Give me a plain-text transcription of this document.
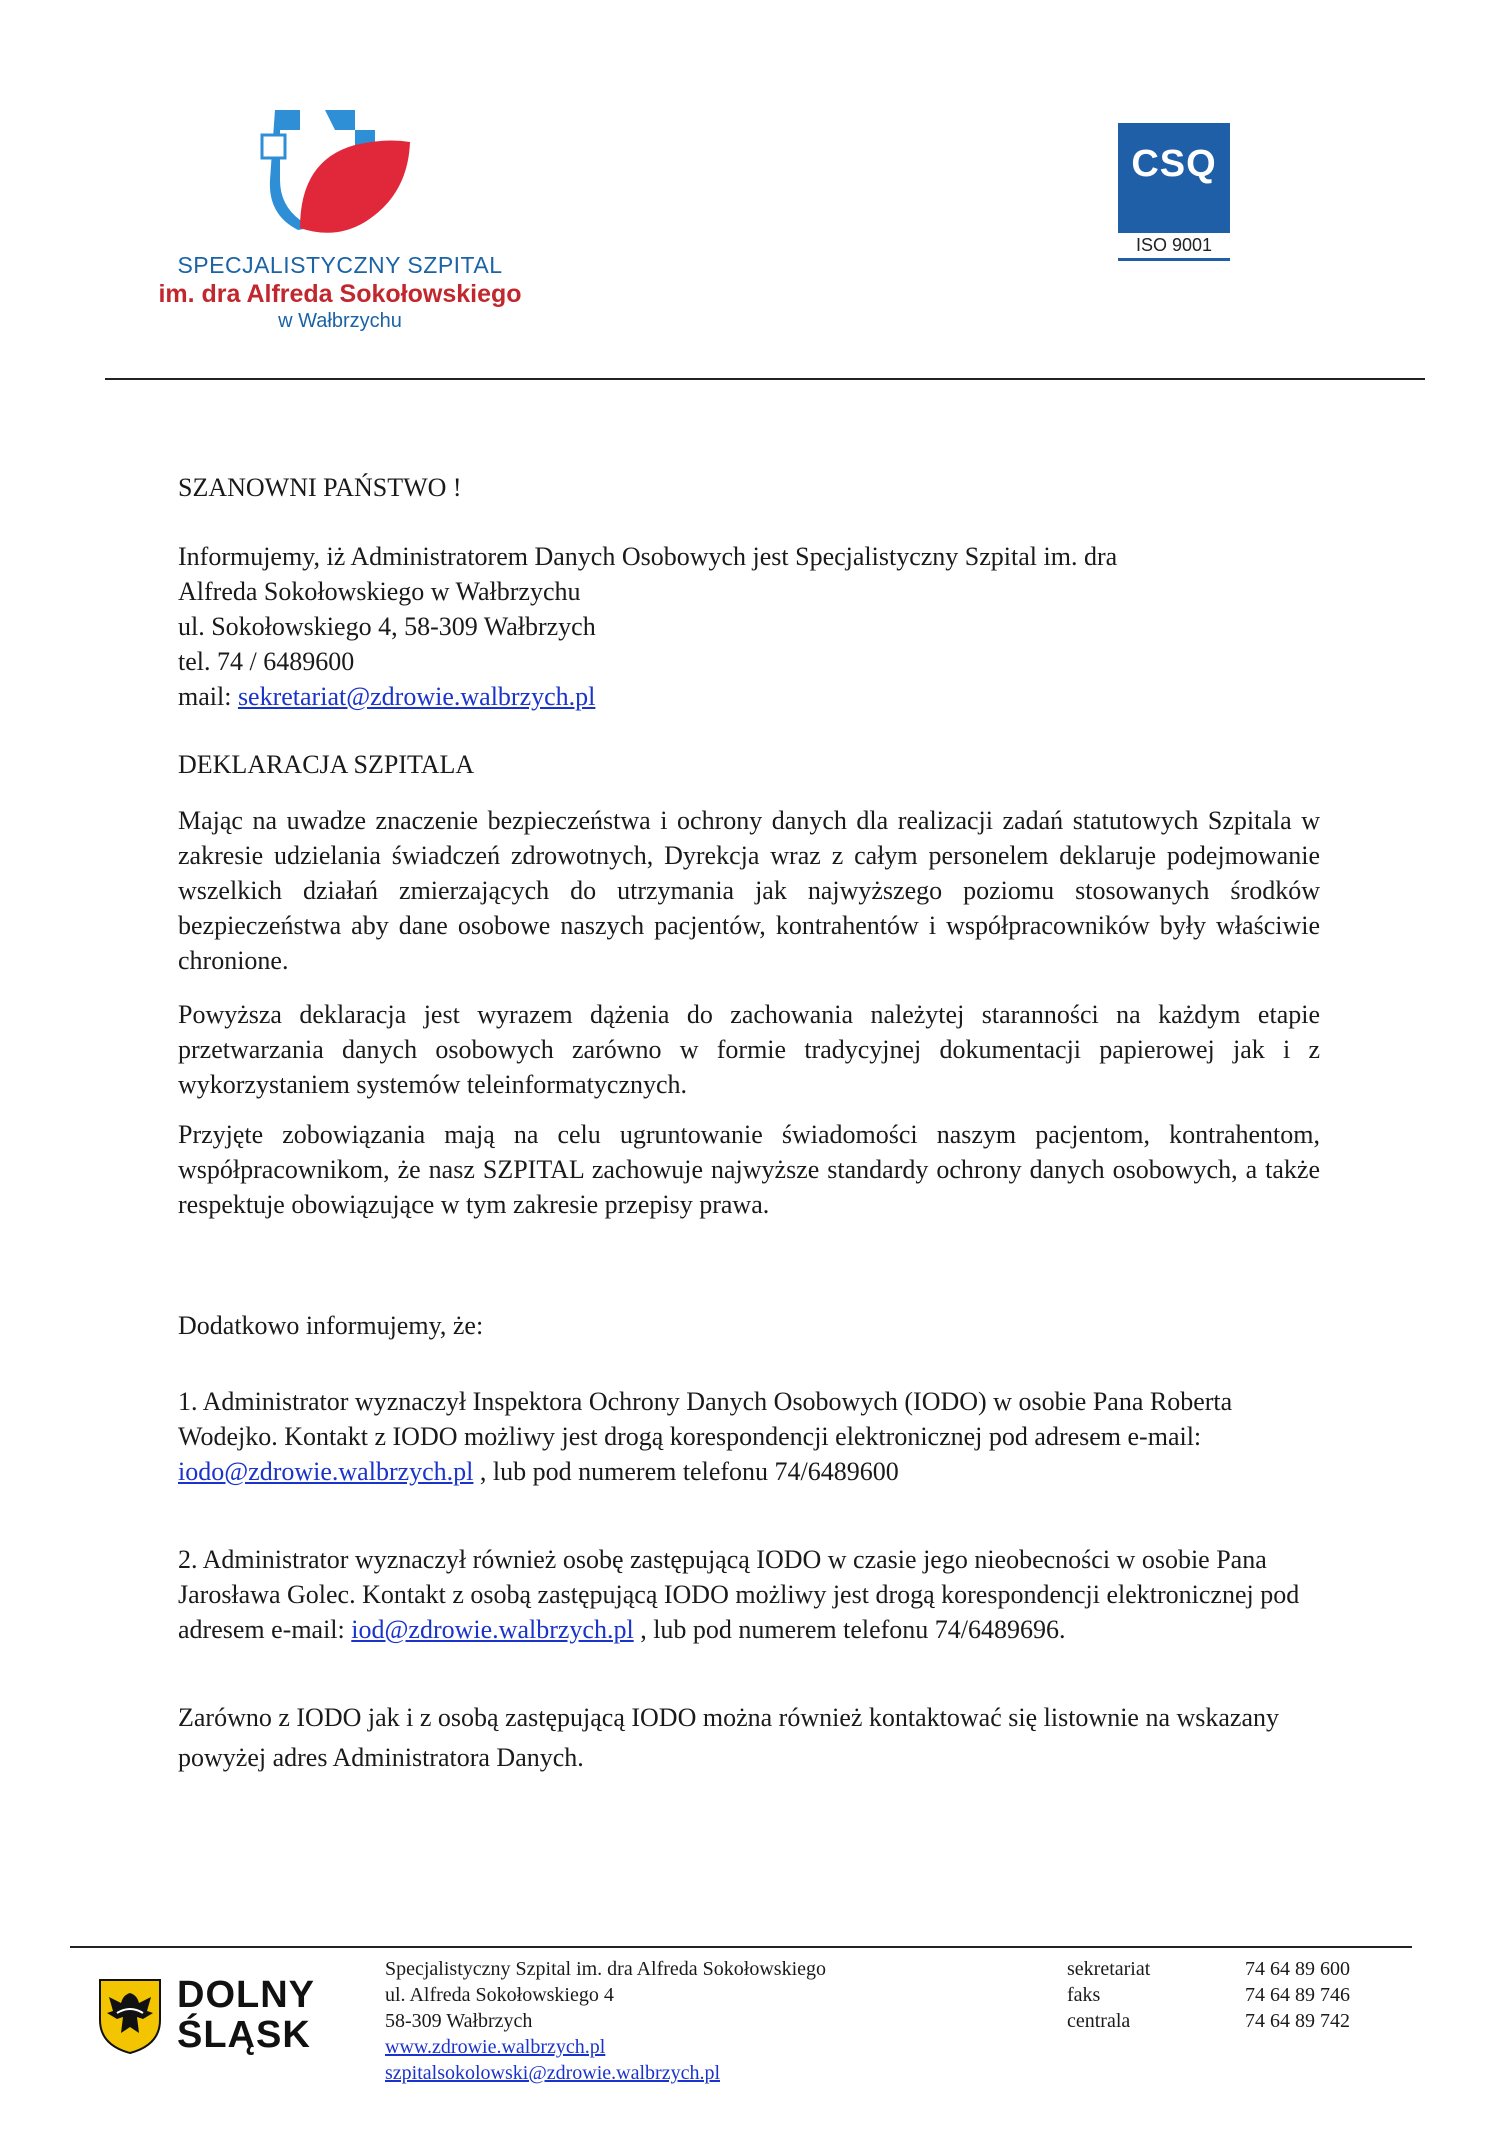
SPECJALISTYCZNY SZPITAL
im. dra Alfreda Sokołowskiego
w Wałbrzychu
CSQ
ISO 9001
SZANOWNI PAŃSTWO !
Informujemy, iż Administratorem Danych Osobowych jest Specjalistyczny Szpital im. dra
Alfreda Sokołowskiego w Wałbrzychu
ul. Sokołowskiego 4, 58-309 Wałbrzych
tel. 74 / 6489600
mail: sekretariat@zdrowie.walbrzych.pl
DEKLARACJA SZPITALA
Mając na uwadze znaczenie bezpieczeństwa i ochrony danych dla realizacji zadań statutowych Szpitala w zakresie udzielania świadczeń zdrowotnych, Dyrekcja wraz z całym personelem deklaruje podejmowanie wszelkich działań zmierzających do utrzymania jak najwyższego poziomu stosowanych środków bezpieczeństwa aby dane osobowe naszych pacjentów, kontrahentów i współpracowników były właściwie chronione.
Powyższa deklaracja jest wyrazem dążenia do zachowania należytej staranności na każdym etapie przetwarzania danych osobowych zarówno w formie tradycyjnej dokumentacji papierowej jak i z wykorzystaniem systemów teleinformatycznych.
Przyjęte zobowiązania mają na celu ugruntowanie świadomości naszym pacjentom, kontrahentom, współpracownikom, że nasz SZPITAL zachowuje najwyższe standardy ochrony danych osobowych, a także respektuje obowiązujące w tym zakresie przepisy prawa.
Dodatkowo informujemy, że:
1. Administrator wyznaczył Inspektora Ochrony Danych Osobowych (IODO) w osobie Pana Roberta Wodejko. Kontakt z IODO możliwy jest drogą korespondencji elektronicznej pod adresem e-mail: iodo@zdrowie.walbrzych.pl , lub pod numerem telefonu 74/6489600
2. Administrator wyznaczył również osobę zastępującą IODO w czasie jego nieobecności w osobie Pana Jarosława Golec. Kontakt z osobą zastępującą IODO możliwy jest drogą korespondencji elektronicznej pod adresem e-mail: iod@zdrowie.walbrzych.pl , lub pod numerem telefonu 74/6489696.
Zarówno z IODO jak i z osobą zastępującą IODO można również kontaktować się listownie na wskazany powyżej adres Administratora Danych.
DOLNY
ŚLĄSK
Specjalistyczny Szpital im. dra Alfreda Sokołowskiego
ul. Alfreda Sokołowskiego 4
58-309 Wałbrzych
www.zdrowie.walbrzych.pl
szpitalsokolowski@zdrowie.walbrzych.pl
sekretariat
faks
centrala
74 64 89 600
74 64 89 746
74 64 89 742
